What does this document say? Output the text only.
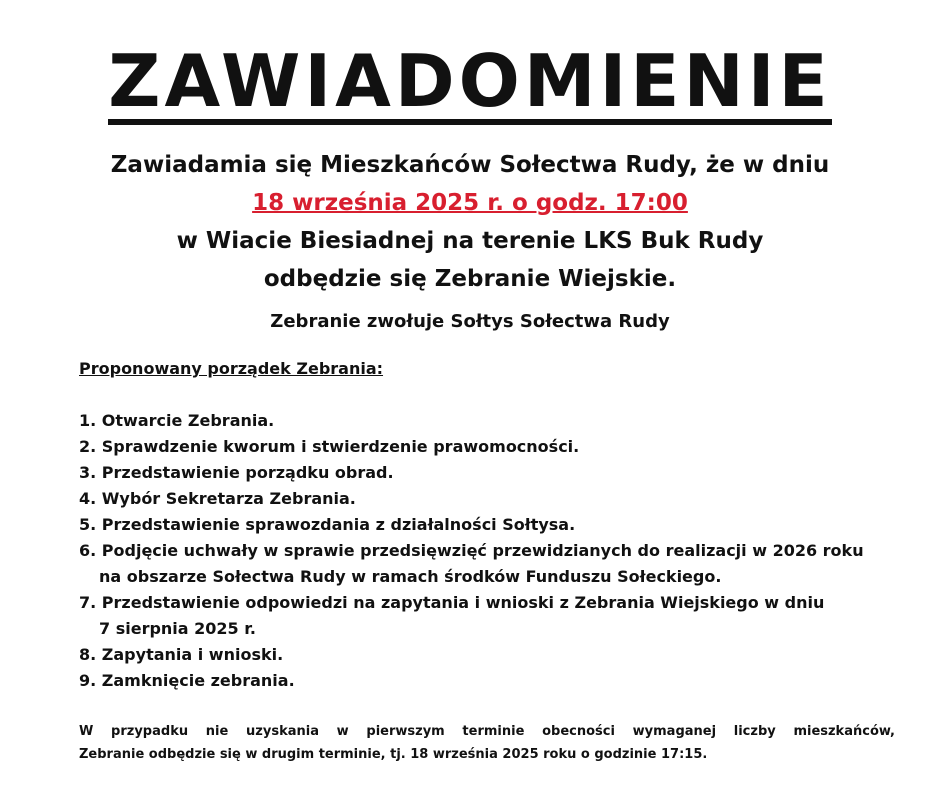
ZAWIADOMIENIE
Zawiadamia się Mieszkańców Sołectwa Rudy, że w dniu
18 września 2025 r. o godz. 17:00
w Wiacie Biesiadnej na terenie LKS Buk Rudy
odbędzie się Zebranie Wiejskie.
Zebranie zwołuje Sołtys Sołectwa Rudy
Proponowany porządek Zebrania:
1. Otwarcie Zebrania.
2. Sprawdzenie kworum i stwierdzenie prawomocności.
3. Przedstawienie porządku obrad.
4. Wybór Sekretarza Zebrania.
5. Przedstawienie sprawozdania z działalności Sołtysa.
6. Podjęcie uchwały w sprawie przedsięwzięć przewidzianych do realizacji w 2026 roku
na obszarze Sołectwa Rudy w ramach środków Funduszu Sołeckiego.
7. Przedstawienie odpowiedzi na zapytania i wnioski z Zebrania Wiejskiego w dniu
7 sierpnia 2025 r.
8. Zapytania i wnioski.
9. Zamknięcie zebrania.
W przypadku nie uzyskania w pierwszym terminie obecności wymaganej liczby mieszkańców,
Zebranie odbędzie się w drugim terminie, tj. 18 września 2025 roku o godzinie 17:15.
